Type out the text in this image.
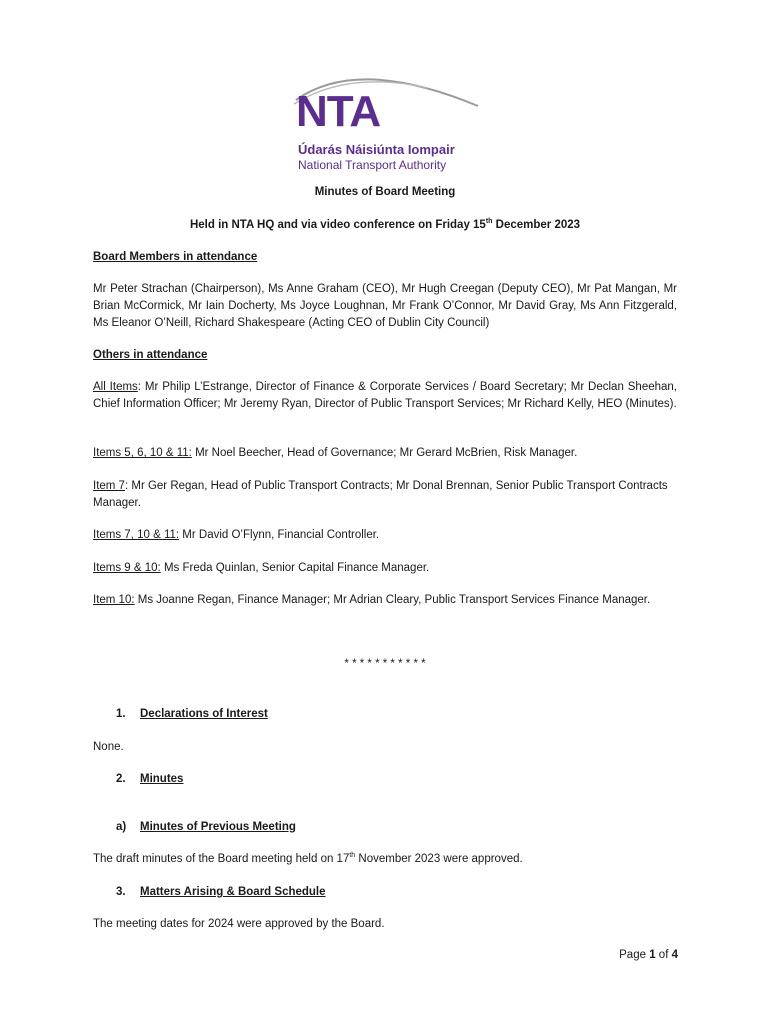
NTA
Údarás Náisiúnta Iompair
National Transport Authority
Minutes of Board Meeting
Held in NTA HQ and via video conference on Friday 15th December 2023
Board Members in attendance
Mr Peter Strachan (Chairperson), Ms Anne Graham (CEO), Mr Hugh Creegan (Deputy CEO), Mr Pat Mangan, Mr Brian McCormick, Mr Iain Docherty, Ms Joyce Loughnan, Mr Frank O’Connor, Mr David Gray, Ms Ann Fitzgerald, Ms Eleanor O’Neill, Richard Shakespeare (Acting CEO of Dublin City Council)
Others in attendance
All Items: Mr Philip L’Estrange, Director of Finance & Corporate Services / Board Secretary; Mr Declan Sheehan, Chief Information Officer; Mr Jeremy Ryan, Director of Public Transport Services; Mr Richard Kelly, HEO (Minutes).
Items 5, 6, 10 & 11: Mr Noel Beecher, Head of Governance; Mr Gerard McBrien, Risk Manager.
Item 7: Mr Ger Regan, Head of Public Transport Contracts; Mr Donal Brennan, Senior Public Transport Contracts Manager.
Items 7, 10 & 11: Mr David O’Flynn, Financial Controller.
Items 9 & 10: Ms Freda Quinlan, Senior Capital Finance Manager.
Item 10: Ms Joanne Regan, Finance Manager; Mr Adrian Cleary, Public Transport Services Finance Manager.
* * * * * * * * * * *
1. Declarations of Interest
None.
2. Minutes
a) Minutes of Previous Meeting
The draft minutes of the Board meeting held on 17th November 2023 were approved.
3. Matters Arising & Board Schedule
The meeting dates for 2024 were approved by the Board.
Page 1 of 4
